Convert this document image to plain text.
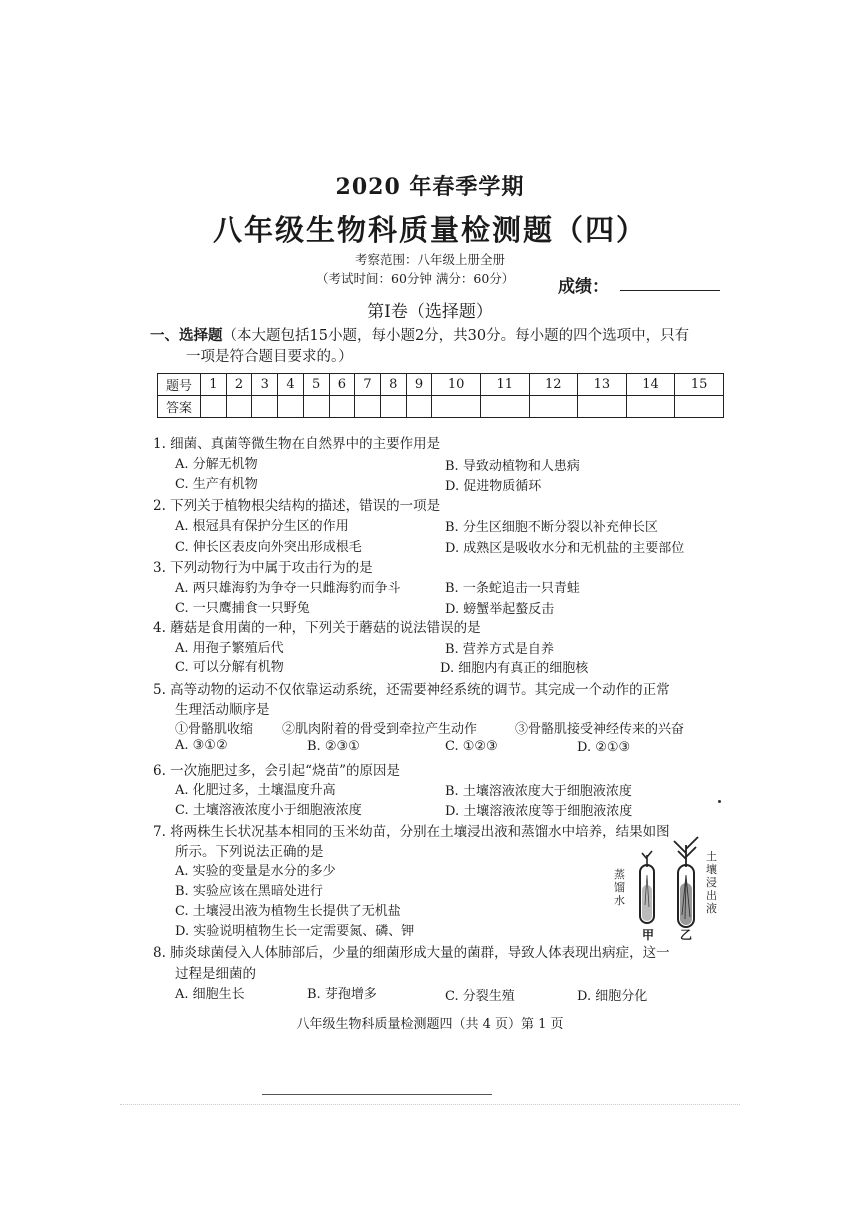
2020 年春季学期
八年级生物科质量检测题（四）
考察范围：八年级上册全册
（考试时间：60分钟 满分：60分）	成绩：
第Ⅰ卷（选择题）
一、选择题（本大题包括15小题，每小题2分，共30分。每小题的四个选项中，只有
一项是符合题目要求的。）
题号	1	2	3	4	5	6	7	8	9	10	11	12	13	14	15
答案															
1. 细菌、真菌等微生物在自然界中的主要作用是
A. 分解无机物	B. 导致动植物和人患病
C. 生产有机物	D. 促进物质循环
2. 下列关于植物根尖结构的描述，错误的一项是
A. 根冠具有保护分生区的作用	B. 分生区细胞不断分裂以补充伸长区
C. 伸长区表皮向外突出形成根毛	D. 成熟区是吸收水分和无机盐的主要部位
3. 下列动物行为中属于攻击行为的是
A. 两只雄海豹为争夺一只雌海豹而争斗	B. 一条蛇追击一只青蛙
C. 一只鹰捕食一只野兔	D. 螃蟹举起螯反击
4. 蘑菇是食用菌的一种，下列关于蘑菇的说法错误的是
A. 用孢子繁殖后代	B. 营养方式是自养
C. 可以分解有机物	D. 细胞内有真正的细胞核
5. 高等动物的运动不仅依靠运动系统，还需要神经系统的调节。其完成一个动作的正常
生理活动顺序是
①骨骼肌收缩 ②肌肉附着的骨受到牵拉产生动作	③骨骼肌接受神经传来的兴奋
A. ③①②	B. ②③①	C. ①②③	D. ②①③
6. 一次施肥过多，会引起“烧苗”的原因是
A. 化肥过多，土壤温度升高	B. 土壤溶液浓度大于细胞液浓度
C. 土壤溶液浓度小于细胞液浓度	D. 土壤溶液浓度等于细胞液浓度
7. 将两株生长状况基本相同的玉米幼苗，分别在土壤浸出液和蒸馏水中培养，结果如图
所示。下列说法正确的是
A. 实验的变量是水分的多少
B. 实验应该在黑暗处进行
C. 土壤浸出液为植物生长提供了无机盐
D. 实验说明植物生长一定需要氮、磷、钾
蒸馏水
土壤浸出液
甲 乙
8. 肺炎球菌侵入人体肺部后，少量的细菌形成大量的菌群，导致人体表现出病症，这一
过程是细菌的
A. 细胞生长	B. 芽孢增多	C. 分裂生殖	D. 细胞分化
八年级生物科质量检测题四（共 4 页）第 1 页
